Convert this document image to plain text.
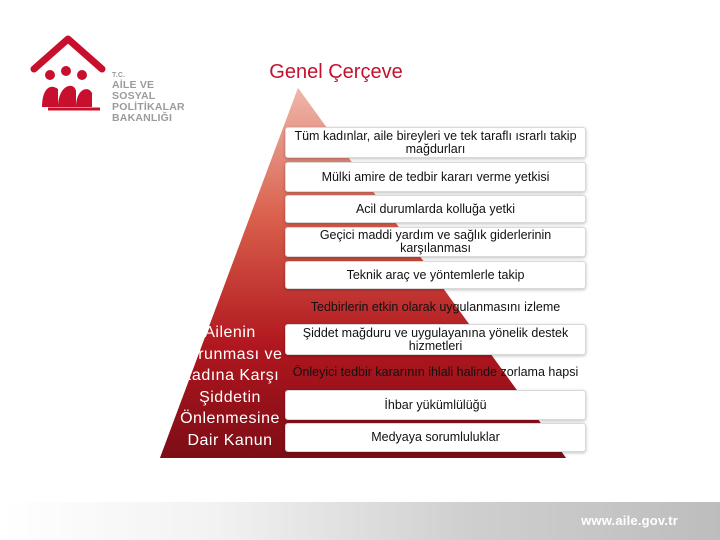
T.C.
AİLE VE
SOSYAL POLİTİKALAR
BAKANLIĞI
Genel Çerçeve
Ailenin
Korunması ve
Kadına Karşı
Şiddetin
Önlenmesine
Dair Kanun
Tüm kadınlar, aile bireyleri ve tek taraflı ısrarlı takip mağdurları
Mülki amire de tedbir kararı verme yetkisi
Acil durumlarda kolluğa yetki
Geçici maddi yardım ve sağlık giderlerinin karşılanması
Teknik araç ve yöntemlerle takip
Tedbirlerin etkin olarak uygulanmasını izleme
Şiddet mağduru ve uygulayanına yönelik destek hizmetleri
Önleyici tedbir kararının ihlali halinde zorlama hapsi
İhbar yükümlülüğü
Medyaya sorumluluklar
www.aile.gov.tr
